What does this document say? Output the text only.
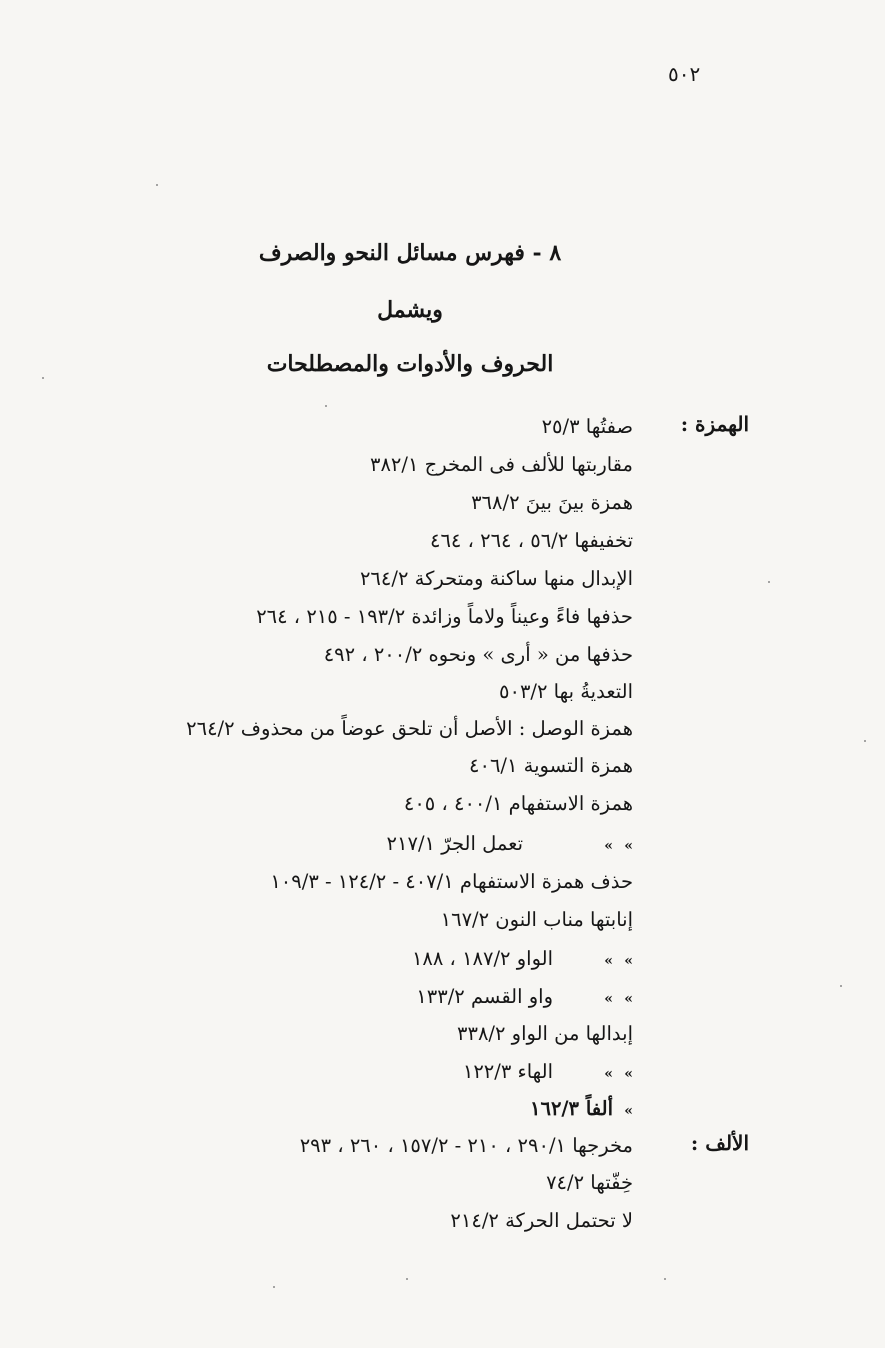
٥٠٢
٨ - فهرس مسائل النحو والصرف
ويشمل
الحروف والأدوات والمصطلحات
الهمزة :
صفتُها ٢٥/٣
مقاربتها للألف فى المخرج ٣٨٢/١
همزة بينَ بينَ ٣٦٨/٢
تخفيفها ٥٦/٢ ، ٢٦٤ ، ٤٦٤
الإبدال منها ساكنة ومتحركة ٢٦٤/٢
حذفها فاءً وعيناً ولاماً وزائدة ١٩٣/٢ - ٢١٥ ، ٢٦٤
حذفها من « أرى » ونحوه ٢٠٠/٢ ، ٤٩٢
التعديةُ بها ٥٠٣/٢
همزة الوصل : الأصل أن تلحق عوضاً من محذوف ٢٦٤/٢
همزة التسوية ٤٠٦/١
همزة الاستفهام ٤٠٠/١ ، ٤٠٥
»»تعمل الجرّ ٢١٧/١
حذف همزة الاستفهام ٤٠٧/١ - ١٢٤/٢ - ١٠٩/٣
إنابتها مناب النون ١٦٧/٢
»»الواو ١٨٧/٢ ، ١٨٨
»»واو القسم ١٣٣/٢
إبدالها من الواو ٣٣٨/٢
»»الهاء ١٢٢/٣
»ألفاً ١٦٢/٣
الألف :
مخرجها ٢٩٠/١ ، ٢١٠ - ١٥٧/٢ ، ٢٦٠ ، ٢٩٣
خِفّتها ٧٤/٢
لا تحتمل الحركة ٢١٤/٢
